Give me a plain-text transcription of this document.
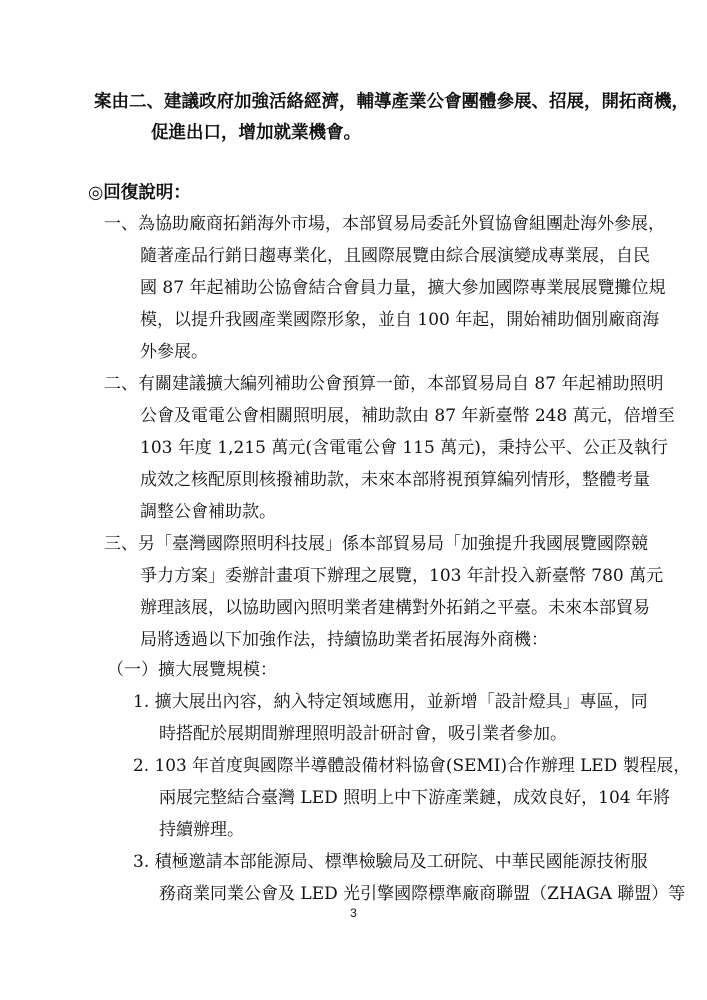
案由二、建議政府加強活絡經濟，輔導產業公會團體參展、招展，開拓商機，
促進出口，增加就業機會。
◎回復說明：
一、為協助廠商拓銷海外市場，本部貿易局委託外貿協會組團赴海外參展，
隨著產品行銷日趨專業化，且國際展覽由綜合展演變成專業展，自民
國 87 年起補助公協會結合會員力量，擴大參加國際專業展展覽攤位規
模，以提升我國產業國際形象，並自 100 年起，開始補助個別廠商海
外參展。
二、有關建議擴大編列補助公會預算一節，本部貿易局自 87 年起補助照明
公會及電電公會相關照明展，補助款由 87 年新臺幣 248 萬元，倍增至
103 年度 1,215 萬元(含電電公會 115 萬元)，秉持公平、公正及執行
成效之核配原則核撥補助款，未來本部將視預算編列情形，整體考量
調整公會補助款。
三、另「臺灣國際照明科技展」係本部貿易局「加強提升我國展覽國際競
爭力方案」委辦計畫項下辦理之展覽，103 年計投入新臺幣 780 萬元
辦理該展，以協助國內照明業者建構對外拓銷之平臺。未來本部貿易
局將透過以下加強作法，持續協助業者拓展海外商機：
（一）擴大展覽規模：
1. 擴大展出內容，納入特定領域應用，並新增「設計燈具」專區，同
時搭配於展期間辦理照明設計研討會，吸引業者參加。
2. 103 年首度與國際半導體設備材料協會(SEMI)合作辦理 LED 製程展，
兩展完整結合臺灣 LED 照明上中下游產業鏈，成效良好，104 年將
持續辦理。
3. 積極邀請本部能源局、標準檢驗局及工研院、中華民國能源技術服
務商業同業公會及 LED 光引擎國際標準廠商聯盟（ZHAGA 聯盟）等
3
